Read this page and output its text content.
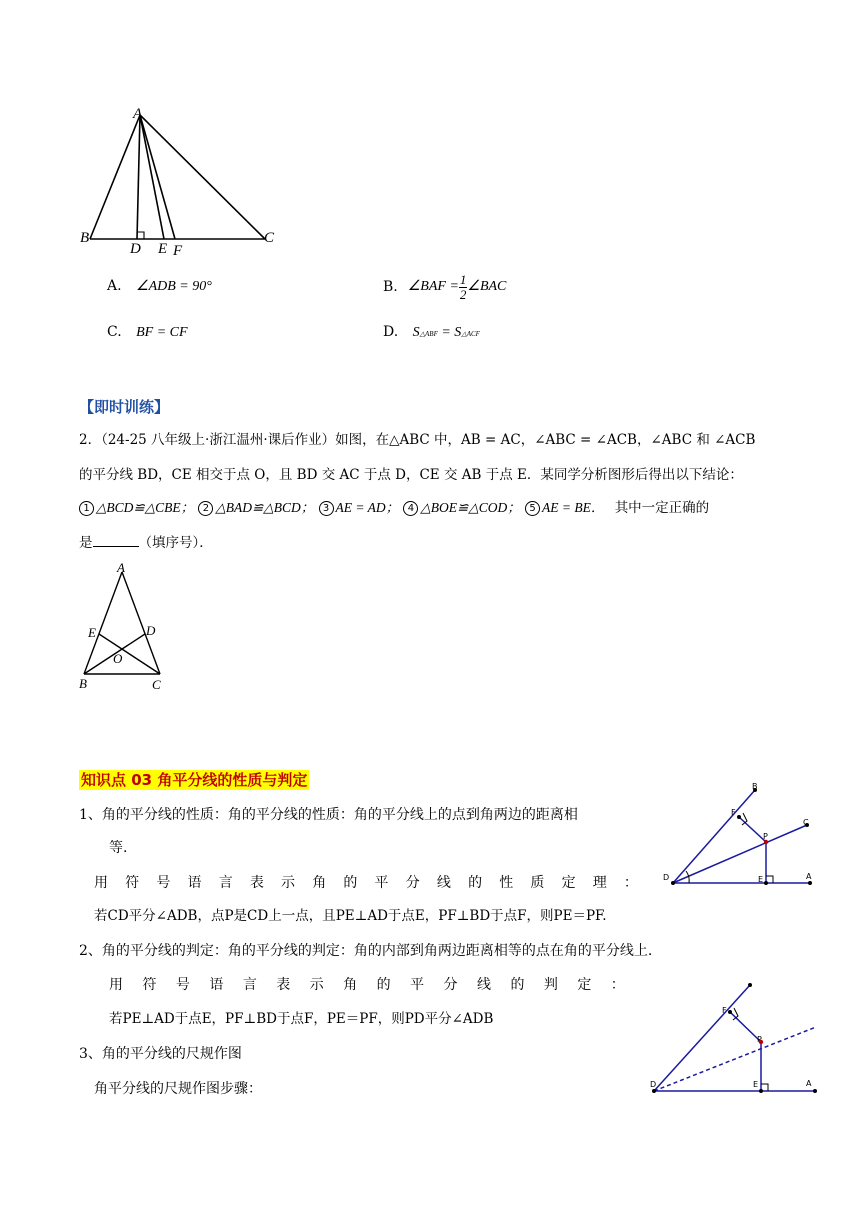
A
B	C
D E F
A. ∠ADB = 90°	B. ∠BAF = $\frac{1}{2}$ ∠BAC
C. BF = CF	D. S△ABF = S△ACF
【即时训练】
2．（24-25 八年级上·浙江温州·课后作业）如图，在△ABC 中，AB = AC，∠ABC = ∠ACB，∠ABC 和 ∠ACB
的平分线 BD，CE 相交于点 O，且 BD 交 AC 于点 D，CE 交 AB 于点 E．某同学分析图形后得出以下结论：
1 △BCD≌△CBE； 2 △BAD≌△BCD； 3 AE = AD； 4 △BOE≌△COD； 5 AE = BE． 其中一定正确的
是	（填序号）．
A
B	C
D
E
O
知识点 03 角平分线的性质与判定
1、角的平分线的性质：角的平分线的性质：角的平分线上的点到角两边的距离相
等.
用 符 号 语 言 表 示 角 的 平 分 线 的 性 质 定 理 ：
若CD平分∠ADB，点P是CD上一点，且PE⊥AD于点E，PF⊥BD于点F，则PE＝PF.
2、角的平分线的判定：角的平分线的判定：角的内部到角两边距离相等的点在角的平分线上.
用 符 号 语 言 表 示 角 的 平 分 线 的 判 定 ：
若PE⊥AD于点E，PF⊥BD于点F，PE＝PF，则PD平分∠ADB
3、角的平分线的尺规作图
角平分线的尺规作图步骤：
B
C
D	E
F
P
A
D	E
F
P
A
